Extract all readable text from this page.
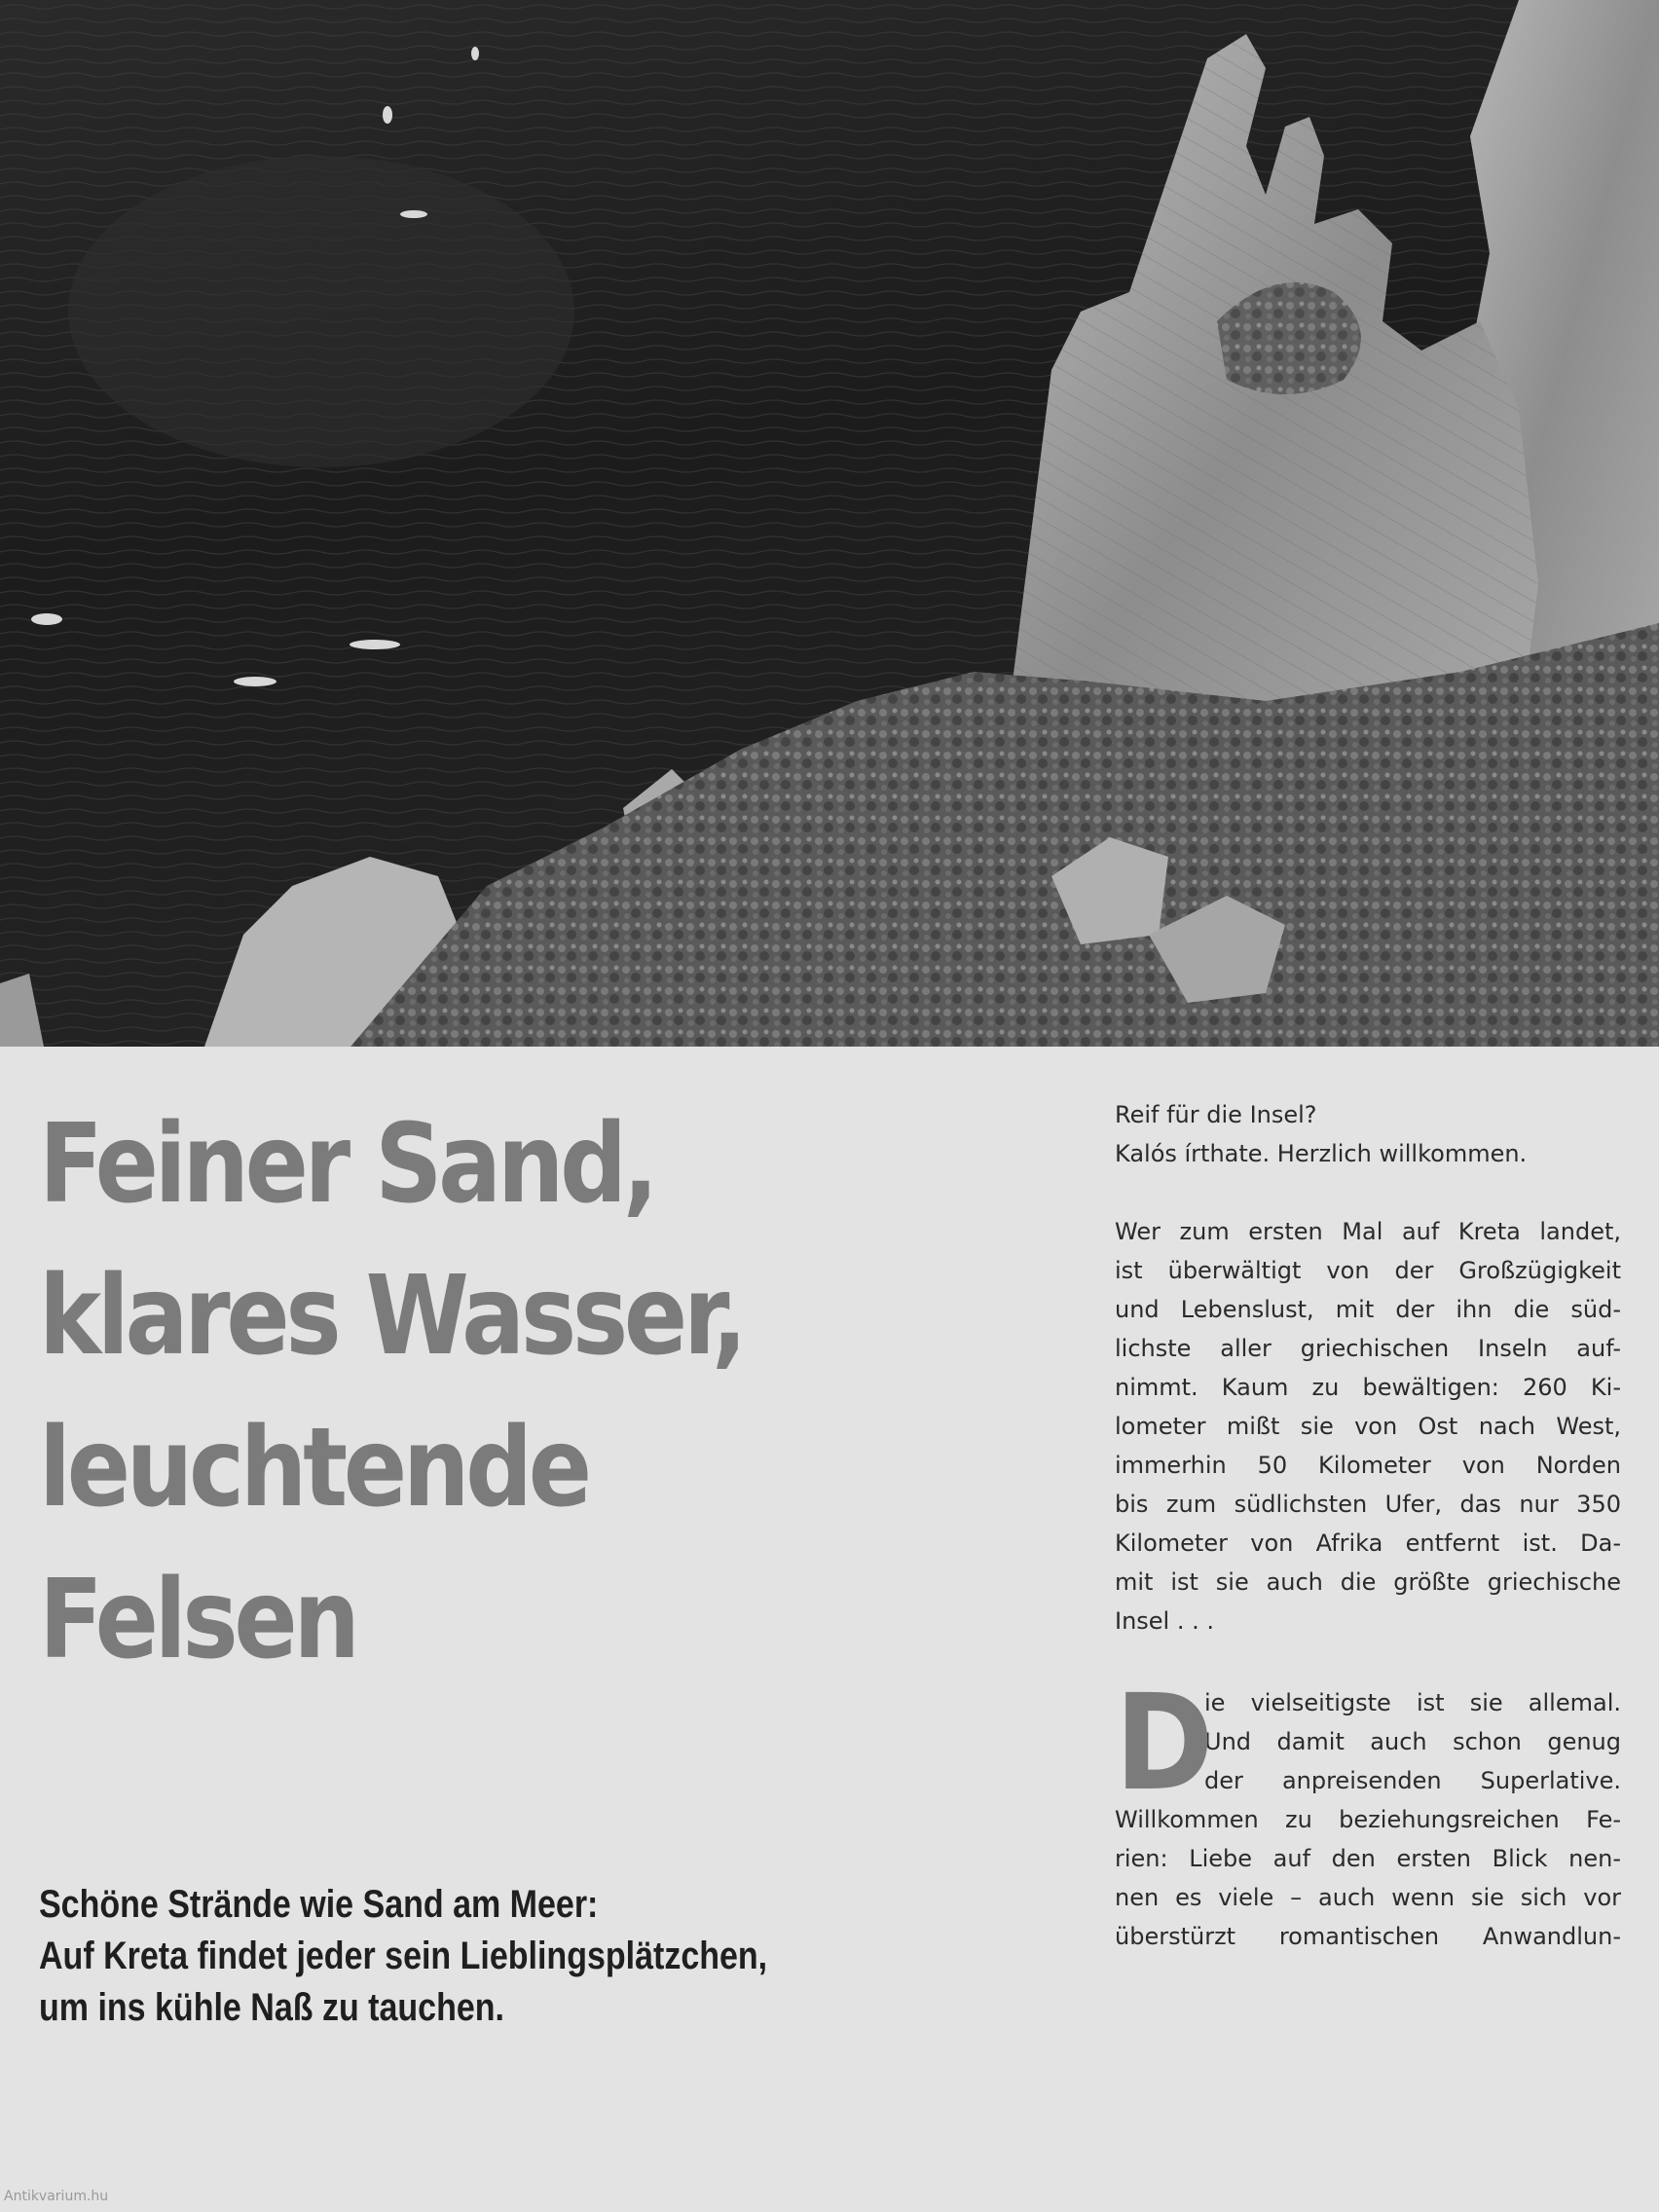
Feiner Sand,
klares Wasser,
leuchtende
Felsen

Schöne Strände wie Sand am Meer:
Auf Kreta findet jeder sein Lieblingsplätzchen,
um ins kühle Naß zu tauchen.

Reif für die Insel?

Kalós írthate. Herzlich willkommen.

Wer zum ersten Mal auf Kreta landet,

ist überwältigt von der Großzügigkeit

und Lebenslust, mit der ihn die süd-

lichste aller griechischen Inseln auf-

nimmt. Kaum zu bewältigen: 260 Ki-

lometer mißt sie von Ost nach West,

immerhin 50 Kilometer von Norden

bis zum südlichsten Ufer, das nur 350

Kilometer von Afrika entfernt ist. Da-

mit ist sie auch die größte griechische

Insel . . .

D

ie vielseitigste ist sie allemal.

Und damit auch schon genug

der anpreisenden Superlative.

Willkommen zu beziehungsreichen Fe-

rien: Liebe auf den ersten Blick nen-

nen es viele – auch wenn sie sich vor

überstürzt romantischen Anwandlun-

Antikvarium.hu
